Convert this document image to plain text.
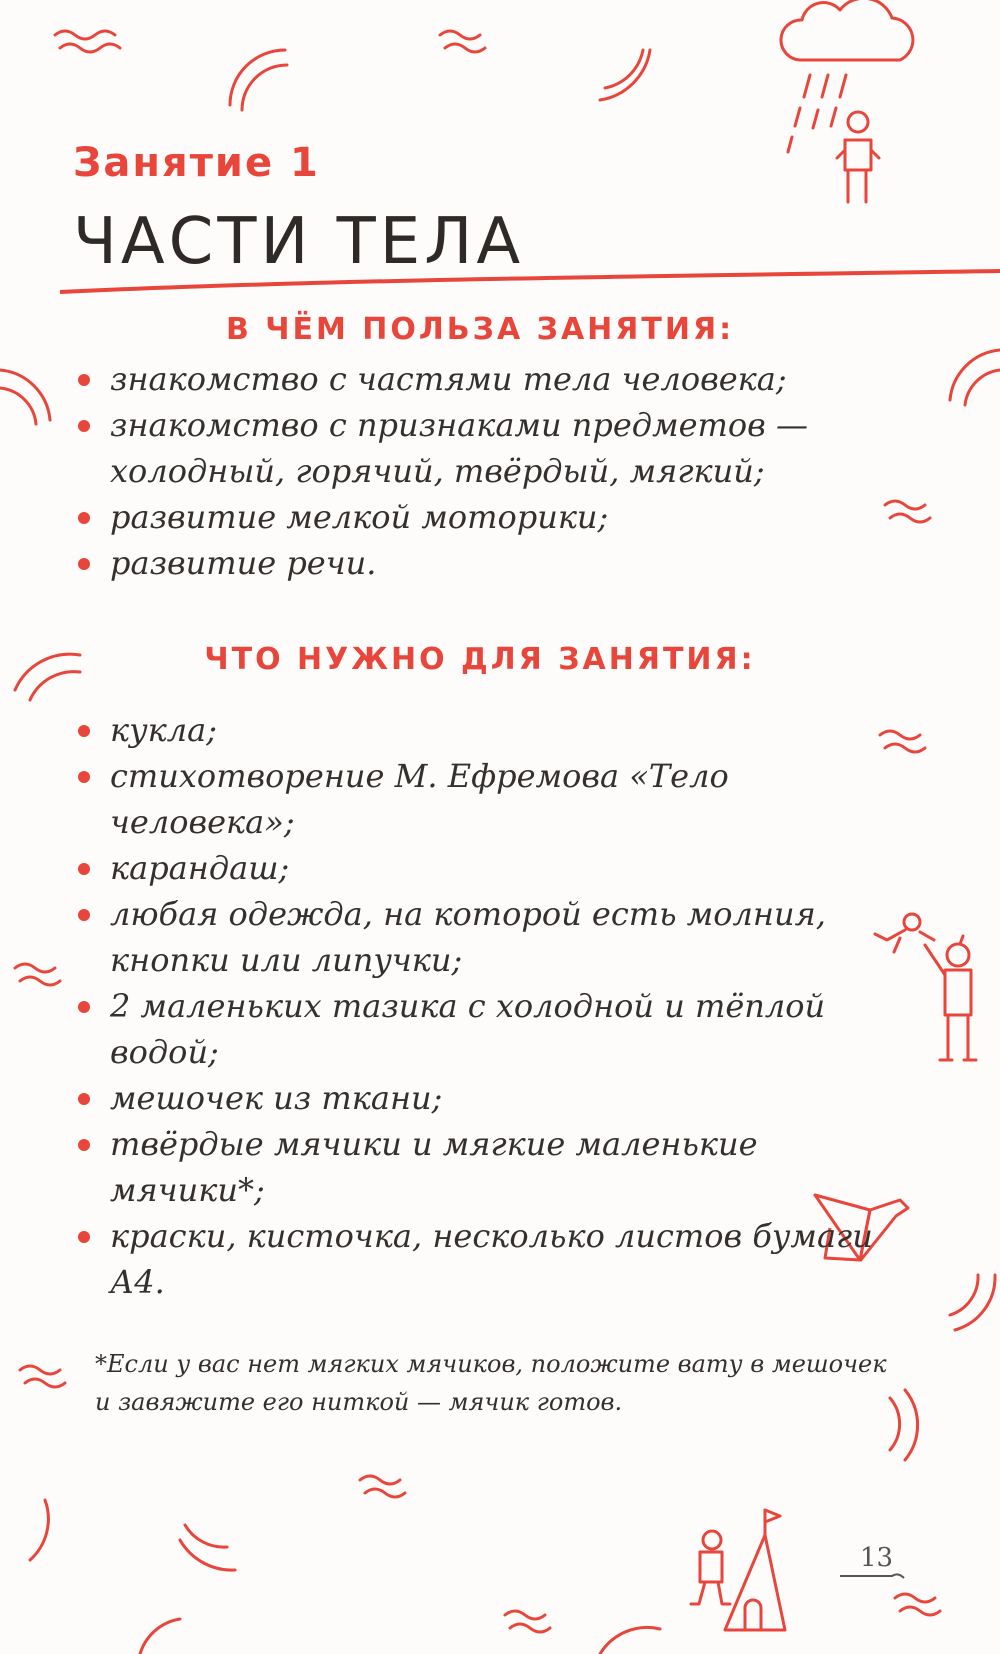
Занятие 1
ЧАСТИ ТЕЛА
В ЧЁМ ПОЛЬЗА ЗАНЯТИЯ:
знакомство с частями тела человека;
знакомство с признаками предметов — холодный, горячий, твёрдый, мягкий;
развитие мелкой моторики;
развитие речи.
ЧТО НУЖНО ДЛЯ ЗАНЯТИЯ:
кукла;
стихотворение М. Ефремова «Тело человека»;
карандаш;
любая одежда, на которой есть молния, кнопки или липучки;
2 маленьких тазика с холодной и тёплой водой;
мешочек из ткани;
твёрдые мячики и мягкие маленькие мячики*;
краски, кисточка, несколько листов бумаги А4.

*Если у вас нет мягких мячиков, положите вату в мешочек и завяжите его ниткой — мячик готов.

13
